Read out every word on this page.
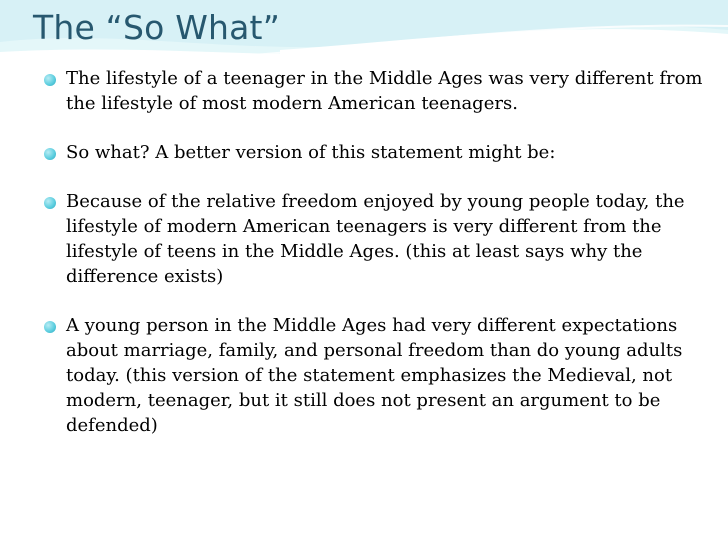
The “So What”
The lifestyle of a teenager in the Middle Ages was very different from the lifestyle of most modern American teenagers.
So what? A better version of this statement might be:
Because of the relative freedom enjoyed by young people today, the lifestyle of modern American teenagers is very different from the lifestyle of teens in the Middle Ages. (this at least says why the difference exists)
A young person in the Middle Ages had very different expectations about marriage, family, and personal freedom than do young adults today. (this version of the statement emphasizes the Medieval, not modern, teenager, but it still does not present an argument to be defended)
